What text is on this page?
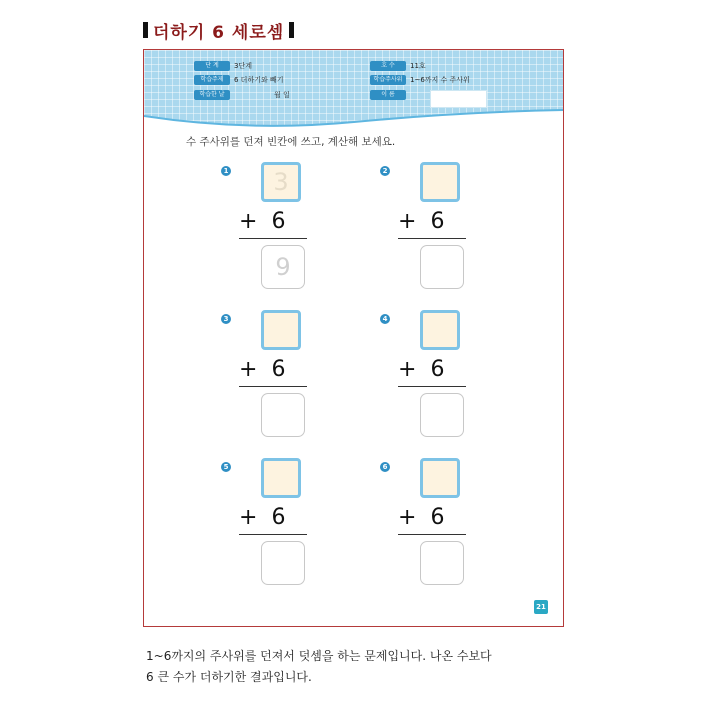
더하기 6 세로셈
단 계	3단계
학습주제	6 더하기와 빼기
학습한 날	월 일
호 수	11호
학습주사위	1~6까지 수 주사위
이 름
수 주사위를 던져 빈칸에 쓰고, 계산해 보세요.
1 3
+6
9
2
+6
3
+6
4
+6
5
+6
6
+6
21
1~6까지의 주사위를 던져서 덧셈을 하는 문제입니다. 나온 수보다
6 큰 수가 더하기한 결과입니다.
